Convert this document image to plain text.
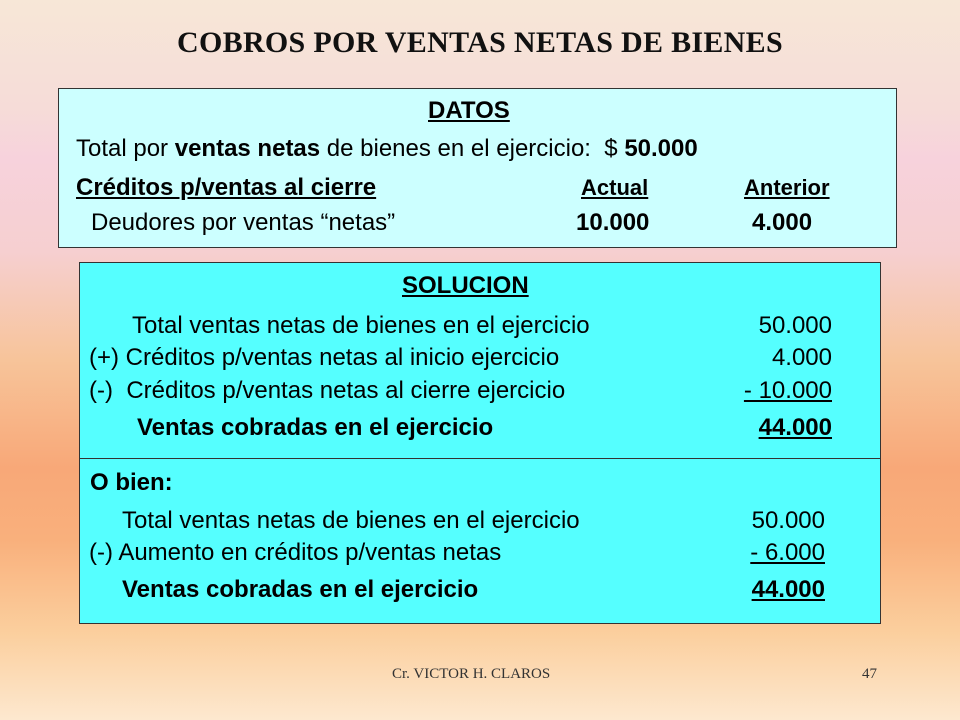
COBROS POR VENTAS NETAS DE BIENES
DATOS
Total por ventas netas de bienes en el ejercicio:  $ 50.000
Créditos p/ventas al cierre	Actual	Anterior
Deudores por ventas “netas”	10.000	4.000
SOLUCION
Total ventas netas de bienes en el ejercicio	50.000
(+) Créditos p/ventas netas al inicio ejercicio	4.000
(-)  Créditos p/ventas netas al cierre ejercicio	- 10.000
Ventas cobradas en el ejercicio	44.000
O bien:
Total ventas netas de bienes en el ejercicio	50.000
(-) Aumento en créditos p/ventas netas	- 6.000
Ventas cobradas en el ejercicio	44.000
Cr. VICTOR H. CLAROS	47
